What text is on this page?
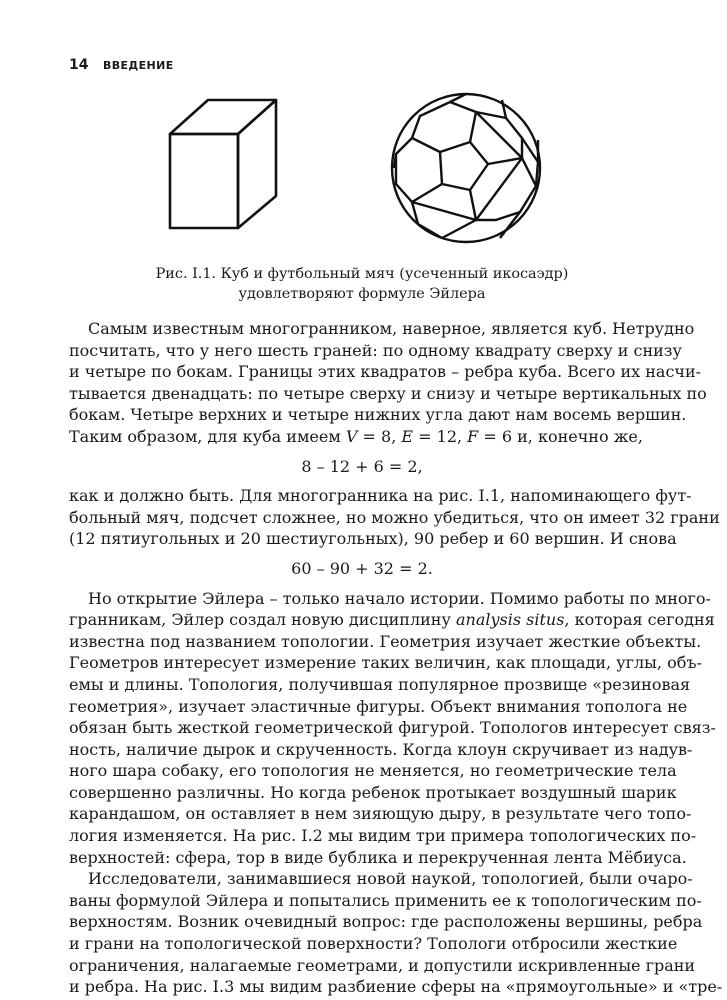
14 ВВЕДЕНИЕ
Рис. I.1. Куб и футбольный мяч (усеченный икосаэдр)
удовлетворяют формуле Эйлера
Самым известным многогранником, наверное, является куб. Нетрудно
посчитать, что у него шесть граней: по одному квадрату сверху и снизу
и четыре по бокам. Границы этих квадратов – ребра куба. Всего их насчи-
тывается двенадцать: по четыре сверху и снизу и четыре вертикальных по
бокам. Четыре верхних и четыре нижних угла дают нам восемь вершин.
Таким образом, для куба имеем V = 8, E = 12, F = 6 и, конечно же,
8 – 12 + 6 = 2,
как и должно быть. Для многогранника на рис. I.1, напоминающего фут-
больный мяч, подсчет сложнее, но можно убедиться, что он имеет 32 грани
(12 пятиугольных и 20 шестиугольных), 90 ребер и 60 вершин. И снова
60 – 90 + 32 = 2.
Но открытие Эйлера – только начало истории. Помимо работы по много-
гранникам, Эйлер создал новую дисциплину analysis situs, которая сегодня
известна под названием топологии. Геометрия изучает жесткие объекты.
Геометров интересует измерение таких величин, как площади, углы, объ-
емы и длины. Топология, получившая популярное прозвище «резиновая
геометрия», изучает эластичные фигуры. Объект внимания тополога не
обязан быть жесткой геометрической фигурой. Топологов интересует связ-
ность, наличие дырок и скрученность. Когда клоун скручивает из надув-
ного шара собаку, его топология не меняется, но геометрические тела
совершенно различны. Но когда ребенок протыкает воздушный шарик
карандашом, он оставляет в нем зияющую дыру, в результате чего топо-
логия изменяется. На рис. I.2 мы видим три примера топологических по-
верхностей: сфера, тор в виде бублика и перекрученная лента Мёбиуса.
Исследователи, занимавшиеся новой наукой, топологией, были очаро-
ваны формулой Эйлера и попытались применить ее к топологическим по-
верхностям. Возник очевидный вопрос: где расположены вершины, ребра
и грани на топологической поверхности? Топологи отбросили жесткие
ограничения, налагаемые геометрами, и допустили искривленные грани
и ребра. На рис. I.3 мы видим разбиение сферы на «прямоугольные» и «тре-
